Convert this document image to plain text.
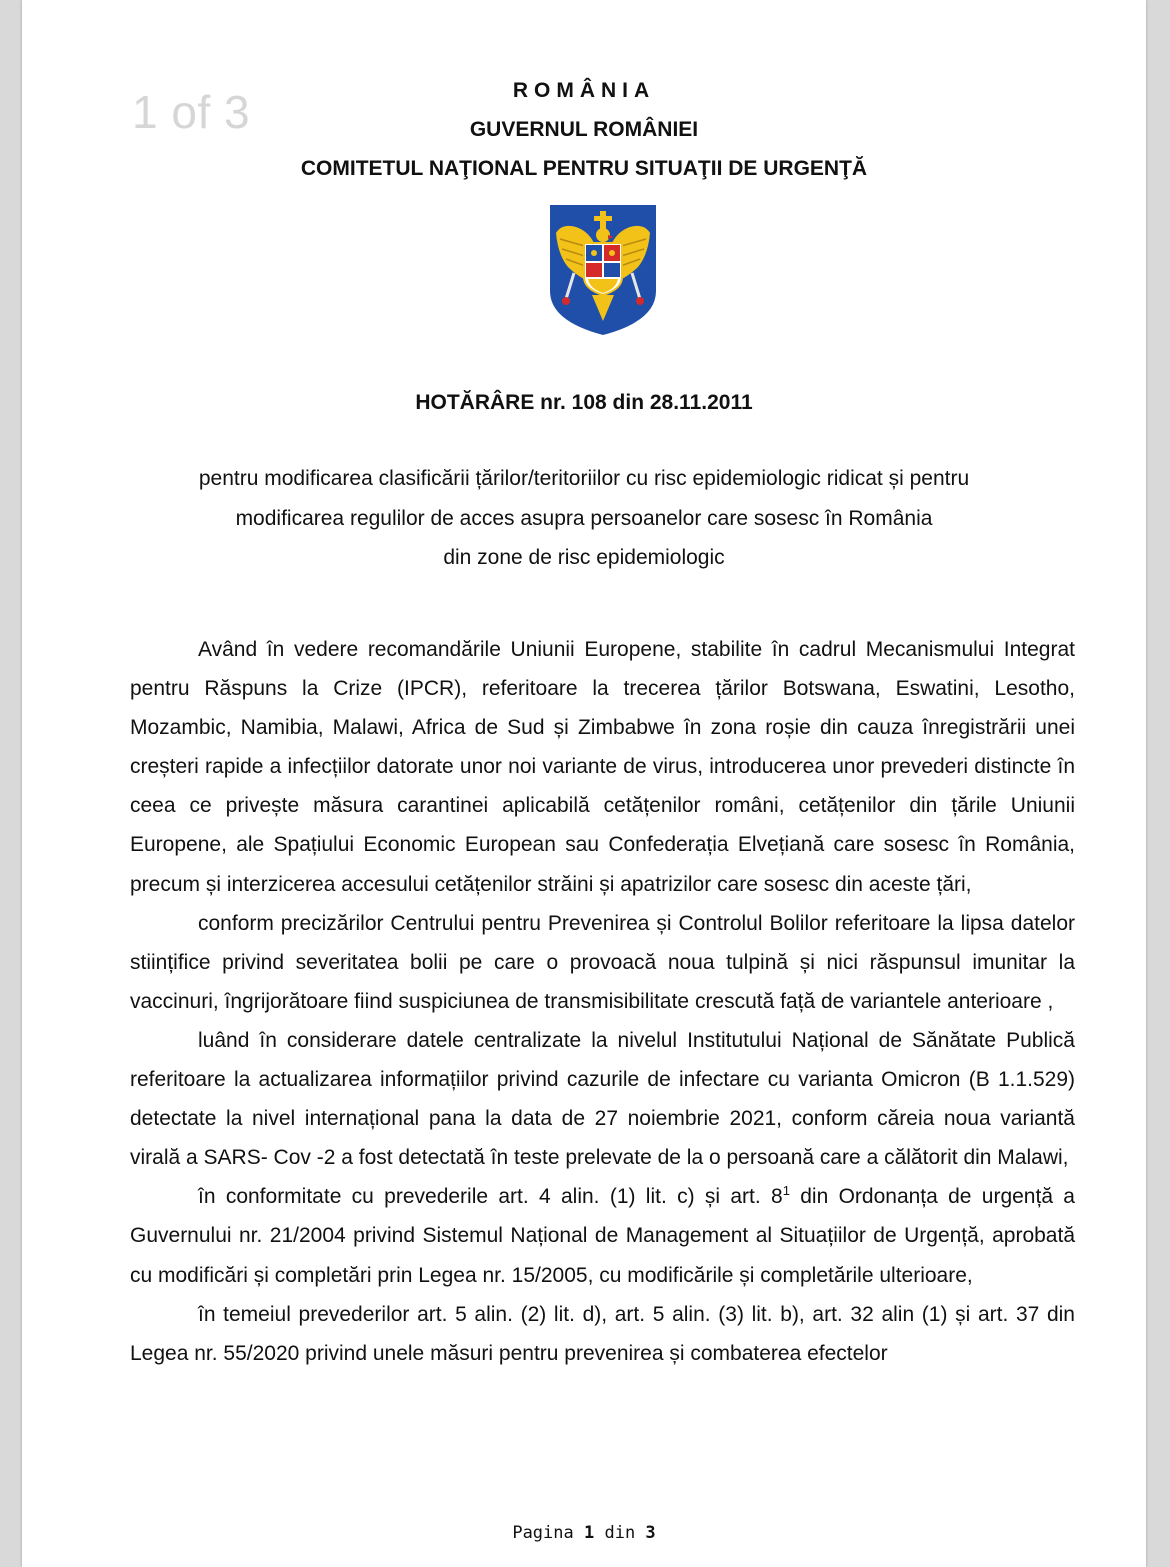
1 of 3	ROMÂNIA
GUVERNUL ROMÂNIEI
COMITETUL NAŢIONAL PENTRU SITUAŢII DE URGENŢĂ
HOTĂRÂRE nr. 108 din 28.11.2011
pentru modificarea clasificării țărilor/teritoriilor cu risc epidemiologic ridicat și pentru
modificarea regulilor de acces asupra persoanelor care sosesc în România
din zone de risc epidemiologic

Având în vedere recomandările Uniunii Europene, stabilite în cadrul Mecanismului Integrat pentru Răspuns la Crize (IPCR), referitoare la trecerea țărilor Botswana, Eswatini, Lesotho, Mozambic, Namibia, Malawi, Africa de Sud și Zimbabwe în zona roșie din cauza înregistrării unei creșteri rapide a infecțiilor datorate unor noi variante de virus, introducerea unor prevederi distincte în ceea ce privește măsura carantinei aplicabilă cetățenilor români, cetățenilor din țările Uniunii Europene, ale Spațiului Economic European sau Confederația Elvețiană care sosesc în România, precum și interzicerea accesului cetățenilor străini și apatrizilor care sosesc din aceste țări,

conform precizărilor Centrului pentru Prevenirea și Controlul Bolilor referitoare la lipsa datelor stiințifice privind severitatea bolii pe care o provoacă noua tulpină și nici răspunsul imunitar la vaccinuri, îngrijorătoare fiind suspiciunea de transmisibilitate crescută față de variantele anterioare ,

luând în considerare datele centralizate la nivelul Institutului Național de Sănătate Publică referitoare la actualizarea informațiilor privind cazurile de infectare cu varianta Omicron (B 1.1.529) detectate la nivel internațional pana la data de 27 noiembrie 2021, conform căreia noua variantă virală a SARS- Cov -2 a fost detectată în teste prelevate de la o persoană care a călătorit din Malawi,

în conformitate cu prevederile art. 4 alin. (1) lit. c) și art. $8^1$ din Ordonanța de urgență a Guvernului nr. 21/2004 privind Sistemul Național de Management al Situațiilor de Urgență, aprobată cu modificări și completări prin Legea nr. 15/2005, cu modificările și completările ulterioare,

în temeiul prevederilor art. 5 alin. (2) lit. d), art. 5 alin. (3) lit. b), art. 32 alin (1) și art. 37 din Legea nr. 55/2020 privind unele măsuri pentru prevenirea și combaterea efectelor

Pagina 1 din 3
